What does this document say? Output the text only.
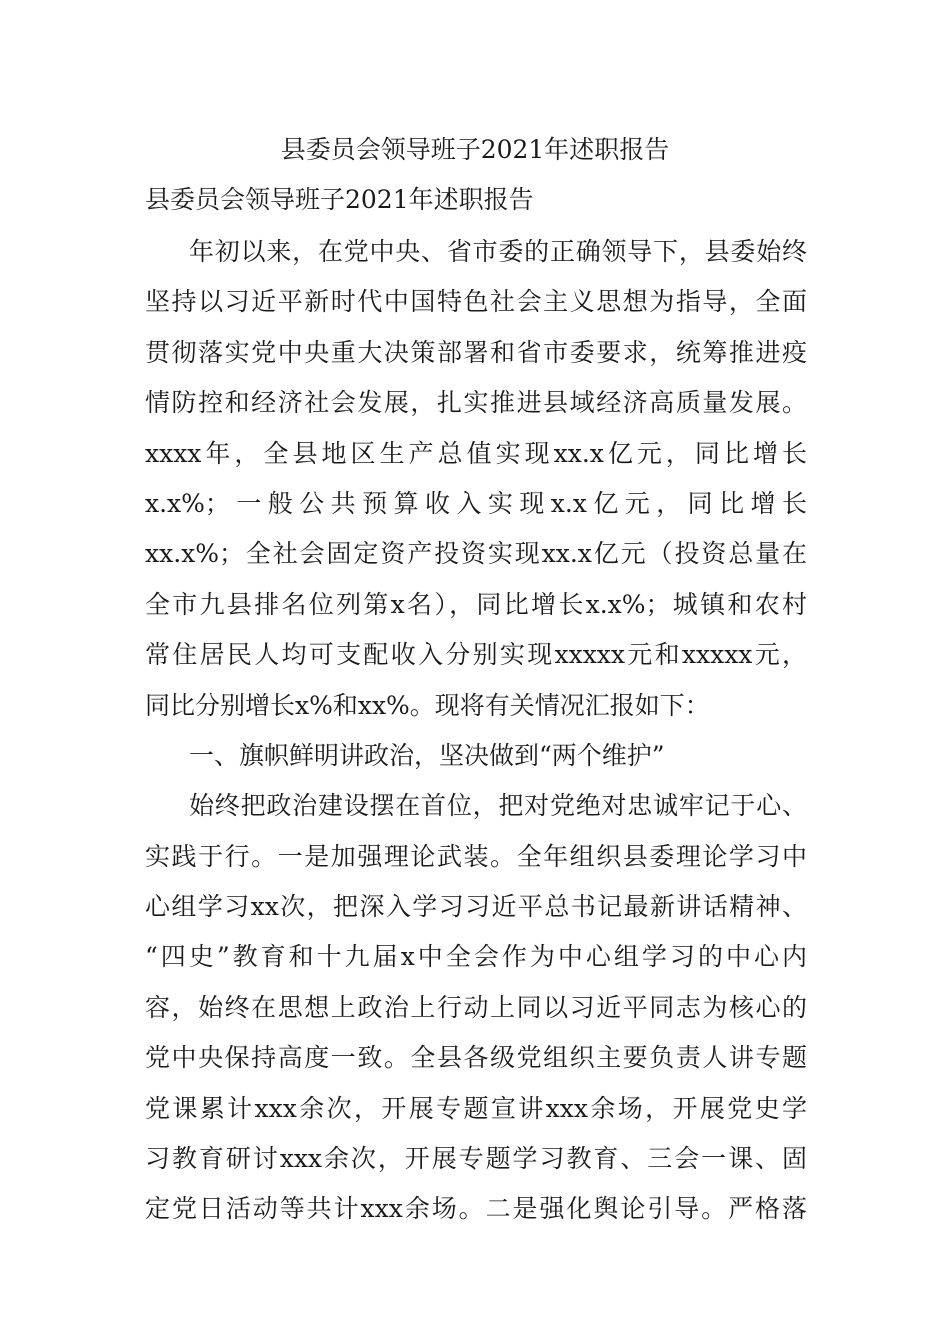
县委员会领导班子2021年述职报告
县委员会领导班子2021年述职报告
年初以来，在党中央、省市委的正确领导下，县委始终
坚持以习近平新时代中国特色社会主义思想为指导，全面
贯彻落实党中央重大决策部署和省市委要求，统筹推进疫
情防控和经济社会发展，扎实推进县域经济高质量发展。
xxxx年，全县地区生产总值实现xx.x亿元，同比增长
x.x%；一般公共预算收入实现x.x亿元，同比增长
xx.x%；全社会固定资产投资实现xx.x亿元（投资总量在
全市九县排名位列第x名），同比增长x.x%；城镇和农村
常住居民人均可支配收入分别实现xxxxx元和xxxxx元，
同比分别增长x%和xx%。现将有关情况汇报如下：
一、旗帜鲜明讲政治，坚决做到“两个维护”
始终把政治建设摆在首位，把对党绝对忠诚牢记于心、
实践于行。一是加强理论武装。全年组织县委理论学习中
心组学习xx次，把深入学习习近平总书记最新讲话精神、
“四史”教育和十九届x中全会作为中心组学习的中心内
容，始终在思想上政治上行动上同以习近平同志为核心的
党中央保持高度一致。全县各级党组织主要负责人讲专题
党课累计xxx余次，开展专题宣讲xxx余场，开展党史学
习教育研讨xxx余次，开展专题学习教育、三会一课、固
定党日活动等共计xxx余场。二是强化舆论引导。严格落
